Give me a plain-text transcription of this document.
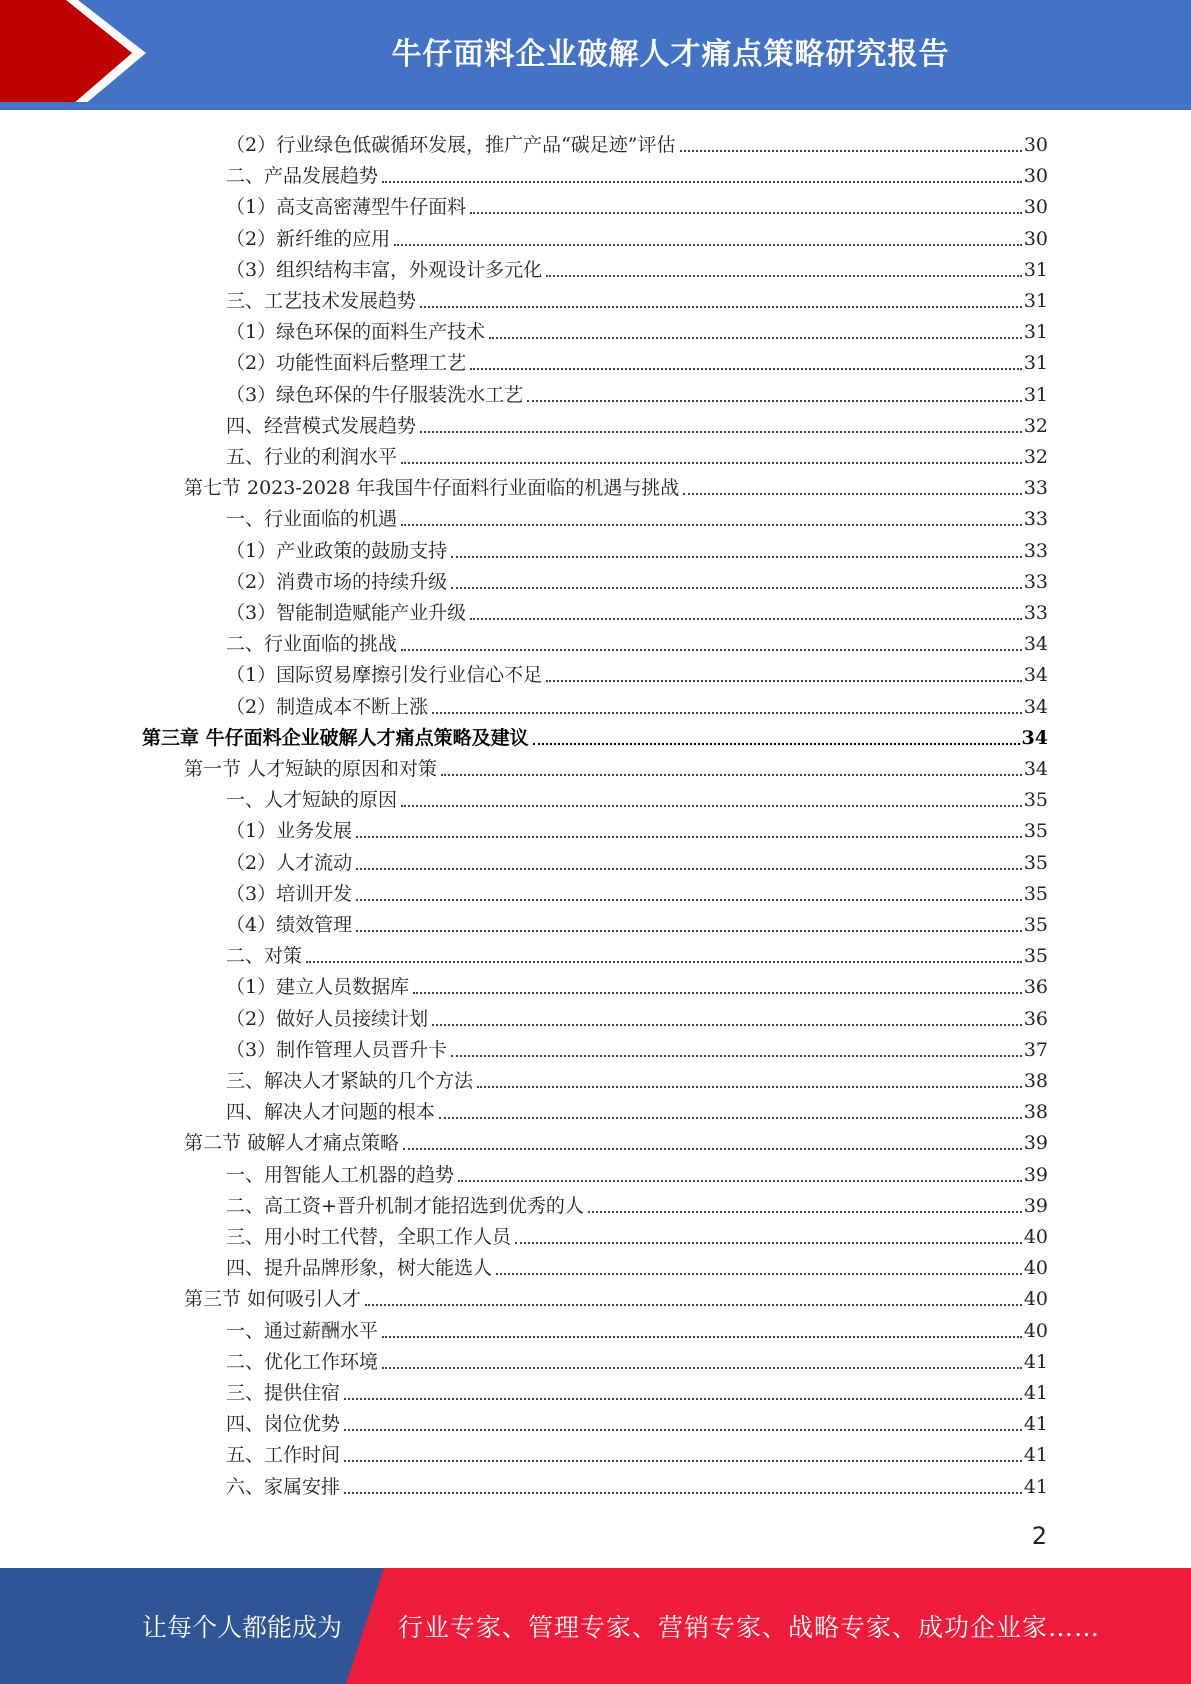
牛仔面料企业破解人才痛点策略研究报告
（2）行业绿色低碳循环发展，推广产品“碳足迹”评估	30
二、产品发展趋势	30
（1）高支高密薄型牛仔面料	30
（2）新纤维的应用	30
（3）组织结构丰富，外观设计多元化	31
三、工艺技术发展趋势	31
（1）绿色环保的面料生产技术	31
（2）功能性面料后整理工艺	31
（3）绿色环保的牛仔服装洗水工艺	31
四、经营模式发展趋势	32
五、行业的利润水平	32
第七节 2023-2028 年我国牛仔面料行业面临的机遇与挑战	33
一、行业面临的机遇	33
（1）产业政策的鼓励支持	33
（2）消费市场的持续升级	33
（3）智能制造赋能产业升级	33
二、行业面临的挑战	34
（1）国际贸易摩擦引发行业信心不足	34
（2）制造成本不断上涨	34
第三章 牛仔面料企业破解人才痛点策略及建议	34
第一节 人才短缺的原因和对策	34
一、人才短缺的原因	35
（1）业务发展	35
（2）人才流动	35
（3）培训开发	35
（4）绩效管理	35
二、对策	35
（1）建立人员数据库	36
（2）做好人员接续计划	36
（3）制作管理人员晋升卡	37
三、解决人才紧缺的几个方法	38
四、解决人才问题的根本	38
第二节 破解人才痛点策略	39
一、用智能人工机器的趋势	39
二、高工资+晋升机制才能招选到优秀的人	39
三、用小时工代替，全职工作人员	40
四、提升品牌形象，树大能选人	40
第三节 如何吸引人才	40
一、通过薪酬水平	40
二、优化工作环境	41
三、提供住宿	41
四、岗位优势	41
五、工作时间	41
六、家属安排	41
2
让每个人都能成为 行业专家、管理专家、营销专家、战略专家、成功企业家……
